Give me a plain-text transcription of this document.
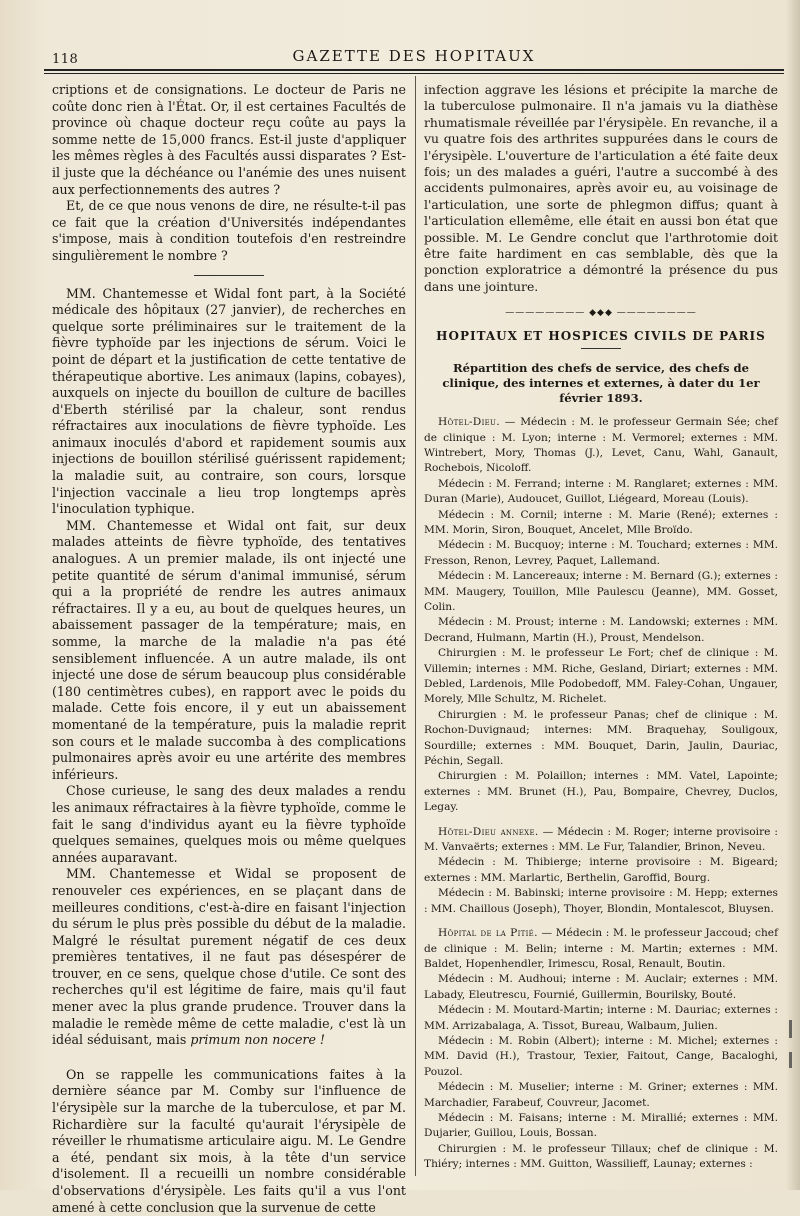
118	GAZETTE DES HOPITAUX

criptions et de consignations. Le docteur de Paris ne coûte donc rien à l'État. Or, il est certaines Facultés de province où chaque docteur reçu coûte au pays la somme nette de 15,000 francs. Est-il juste d'appliquer les mêmes règles à des Facultés aussi disparates ? Est-il juste que la déchéance ou l'anémie des unes nuisent aux perfectionnements des autres ?

Et, de ce que nous venons de dire, ne résulte-t-il pas ce fait que la création d'Universités indépendantes s'impose, mais à condition toutefois d'en restreindre singulièrement le nombre ?

MM. Chantemesse et Widal font part, à la Société médicale des hôpitaux (27 janvier), de recherches en quelque sorte préliminaires sur le traitement de la fièvre typhoïde par les injections de sérum. Voici le point de départ et la justification de cette tentative de thérapeutique abortive. Les animaux (lapins, cobayes), auxquels on injecte du bouillon de culture de bacilles d'Eberth stérilisé par la chaleur, sont rendus réfractaires aux inoculations de fièvre typhoïde. Les animaux inoculés d'abord et rapidement soumis aux injections de bouillon stérilisé guérissent rapidement; la maladie suit, au contraire, son cours, lorsque l'injection vaccinale a lieu trop longtemps après l'inoculation typhique.

MM. Chantemesse et Widal ont fait, sur deux malades atteints de fièvre typhoïde, des tentatives analogues. A un premier malade, ils ont injecté une petite quantité de sérum d'animal immunisé, sérum qui a la propriété de rendre les autres animaux réfractaires. Il y a eu, au bout de quelques heures, un abaissement passager de la température; mais, en somme, la marche de la maladie n'a pas été sensiblement influencée. A un autre malade, ils ont injecté une dose de sérum beaucoup plus considérable (180 centimètres cubes), en rapport avec le poids du malade. Cette fois encore, il y eut un abaissement momentané de la température, puis la maladie reprit son cours et le malade succomba à des complications pulmonaires après avoir eu une artérite des membres inférieurs.

Chose curieuse, le sang des deux malades a rendu les animaux réfractaires à la fièvre typhoïde, comme le fait le sang d'individus ayant eu la fièvre typhoïde quelques semaines, quelques mois ou même quelques années auparavant.

MM. Chantemesse et Widal se proposent de renouveler ces expériences, en se plaçant dans de meilleures conditions, c'est-à-dire en faisant l'injection du sérum le plus près possible du début de la maladie. Malgré le résultat purement négatif de ces deux premières tentatives, il ne faut pas désespérer de trouver, en ce sens, quelque chose d'utile. Ce sont des recherches qu'il est légitime de faire, mais qu'il faut mener avec la plus grande prudence. Trouver dans la maladie le remède même de cette maladie, c'est là un idéal séduisant, mais primum non nocere !

On se rappelle les communications faites à la dernière séance par M. Comby sur l'influence de l'érysipèle sur la marche de la tuberculose, et par M. Richardière sur la faculté qu'aurait l'érysipèle de réveiller le rhumatisme articulaire aigu. M. Le Gendre a été, pendant six mois, à la tête d'un service d'isolement. Il a recueilli un nombre considérable d'observations d'érysipèle. Les faits qu'il a vus l'ont amené à cette conclusion que la survenue de cette

infection aggrave les lésions et précipite la marche de la tuberculose pulmonaire. Il n'a jamais vu la diathèse rhumatismale réveillée par l'érysipèle. En revanche, il a vu quatre fois des arthrites suppurées dans le cours de l'érysipèle. L'ouverture de l'articulation a été faite deux fois; un des malades a guéri, l'autre a succombé à des accidents pulmonaires, après avoir eu, au voisinage de l'articulation, une sorte de phlegmon diffus; quant à l'articulation ellemême, elle était en aussi bon état que possible. M. Le Gendre conclut que l'arthrotomie doit être faite hardiment en cas semblable, dès que la ponction exploratrice a démontré la présence du pus dans une jointure.

———————— ◆◆◆ ————————
HOPITAUX ET HOSPICES CIVILS DE PARIS
Répartition des chefs de service, des chefs de clinique, des internes et externes, à dater du 1er février 1893.

Hôtel-Dieu. — Médecin : M. le professeur Germain Sée; chef de clinique : M. Lyon; interne : M. Vermorel; externes : MM. Wintrebert, Mory, Thomas (J.), Levet, Canu, Wahl, Ganault, Rochebois, Nicoloff.

Médecin : M. Ferrand; interne : M. Ranglaret; externes : MM. Duran (Marie), Audoucet, Guillot, Liégeard, Moreau (Louis).

Médecin : M. Cornil; interne : M. Marie (René); externes : MM. Morin, Siron, Bouquet, Ancelet, Mlle Broïdo.

Médecin : M. Bucquoy; interne : M. Touchard; externes : MM. Fresson, Renon, Levrey, Paquet, Lallemand.

Médecin : M. Lancereaux; interne : M. Bernard (G.); externes : MM. Maugery, Touillon, Mlle Paulescu (Jeanne), MM. Gosset, Colin.

Médecin : M. Proust; interne : M. Landowski; externes : MM. Decrand, Hulmann, Martin (H.), Proust, Mendelson.

Chirurgien : M. le professeur Le Fort; chef de clinique : M. Villemin; internes : MM. Riche, Gesland, Diriart; externes : MM. Debled, Lardenois, Mlle Podobedoff, MM. Faley-Cohan, Ungauer, Morely, Mlle Schultz, M. Richelet.

Chirurgien : M. le professeur Panas; chef de clinique : M. Rochon-Duvignaud; internes: MM. Braquehay, Souligoux, Sourdille; externes : MM. Bouquet, Darin, Jaulin, Dauriac, Péchin, Segall.

Chirurgien : M. Polaillon; internes : MM. Vatel, Lapointe; externes : MM. Brunet (H.), Pau, Bompaire, Chevrey, Duclos, Legay.

Hôtel-Dieu annexe. — Médecin : M. Roger; interne provisoire : M. Vanvaërts; externes : MM. Le Fur, Talandier, Brinon, Neveu.

Médecin : M. Thibierge; interne provisoire : M. Bigeard; externes : MM. Marlartic, Berthelin, Garoffid, Bourg.

Médecin : M. Babinski; interne provisoire : M. Hepp; externes : MM. Chaillous (Joseph), Thoyer, Blondin, Montalescot, Bluysen.

Hôpital de la Pitié. — Médecin : M. le professeur Jaccoud; chef de clinique : M. Belin; interne : M. Martin; externes : MM. Baldet, Hopenhendler, Irimescu, Rosal, Renault, Boutin.

Médecin : M. Audhoui; interne : M. Auclair; externes : MM. Labady, Eleutrescu, Fournié, Guillermin, Bourilsky, Bouté.

Médecin : M. Moutard-Martin; interne : M. Dauriac; externes : MM. Arrizabalaga, A. Tissot, Bureau, Walbaum, Julien.

Médecin : M. Robin (Albert); interne : M. Michel; externes : MM. David (H.), Trastour, Texier, Faitout, Cange, Bacaloghi, Pouzol.

Médecin : M. Muselier; interne : M. Griner; externes : MM. Marchadier, Farabeuf, Couvreur, Jacomet.

Médecin : M. Faisans; interne : M. Mirallié; externes : MM. Dujarier, Guillou, Louis, Bossan.

Chirurgien : M. le professeur Tillaux; chef de clinique : M. Thiéry; internes : MM. Guitton, Wassilieff, Launay; externes :
